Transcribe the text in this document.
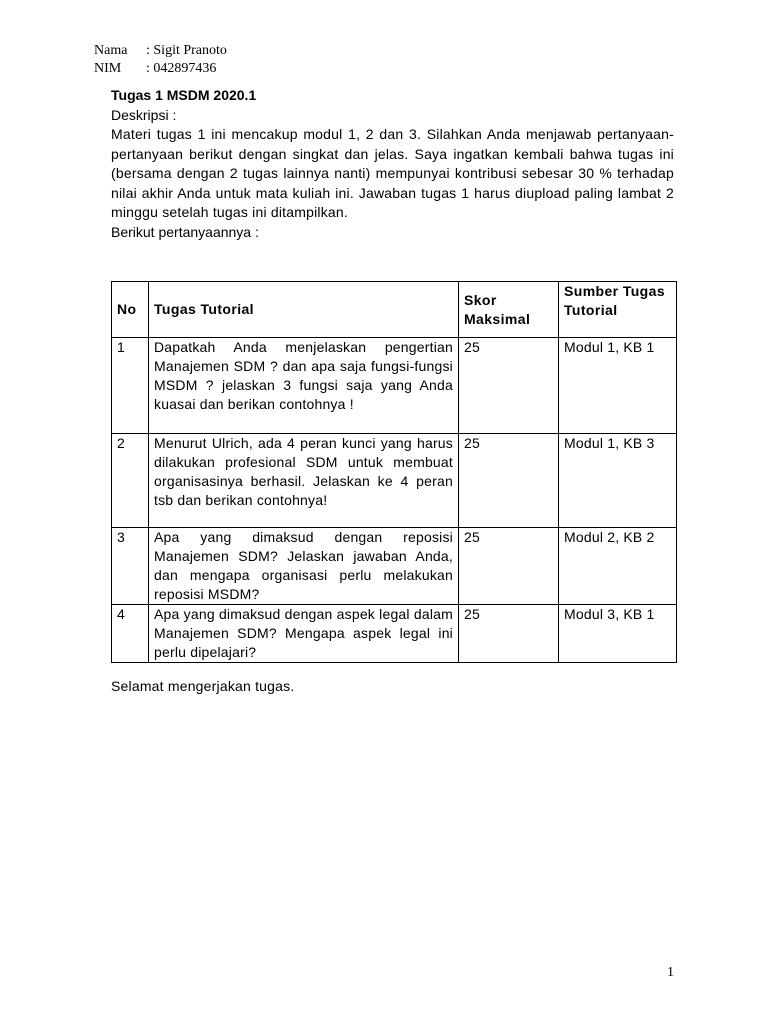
Nama	: Sigit Pranoto
NIM	: 042897436

Tugas 1 MSDM 2020.1

Deskripsi :

Materi tugas 1 ini mencakup modul 1, 2 dan 3. Silahkan Anda menjawab pertanyaan-pertanyaan berikut dengan singkat dan jelas. Saya ingatkan kembali bahwa tugas ini (bersama dengan 2 tugas lainnya nanti) mempunyai kontribusi sebesar 30 % terhadap nilai akhir Anda untuk mata kuliah ini. Jawaban tugas 1 harus diupload paling lambat 2 minggu setelah tugas ini ditampilkan.

Berikut pertanyaannya :

No	Tugas Tutorial	Skor Maksimal	Sumber Tugas Tutorial
1	Dapatkah Anda menjelaskan pengertian Manajemen SDM ? dan apa saja fungsi-fungsi MSDM ? jelaskan 3 fungsi saja yang Anda kuasai dan berikan contohnya !	25	Modul 1, KB 1
2	Menurut Ulrich, ada 4 peran kunci yang harus dilakukan profesional SDM untuk membuat organisasinya berhasil. Jelaskan ke 4 peran tsb dan berikan contohnya!	25	Modul 1, KB 3
3	Apa yang dimaksud dengan reposisi Manajemen SDM? Jelaskan jawaban Anda, dan mengapa organisasi perlu melakukan reposisi MSDM?	25	Modul 2, KB 2
4	Apa yang dimaksud dengan aspek legal dalam Manajemen SDM? Mengapa aspek legal ini perlu dipelajari?	25	Modul 3, KB 1
Selamat mengerjakan tugas.
1
